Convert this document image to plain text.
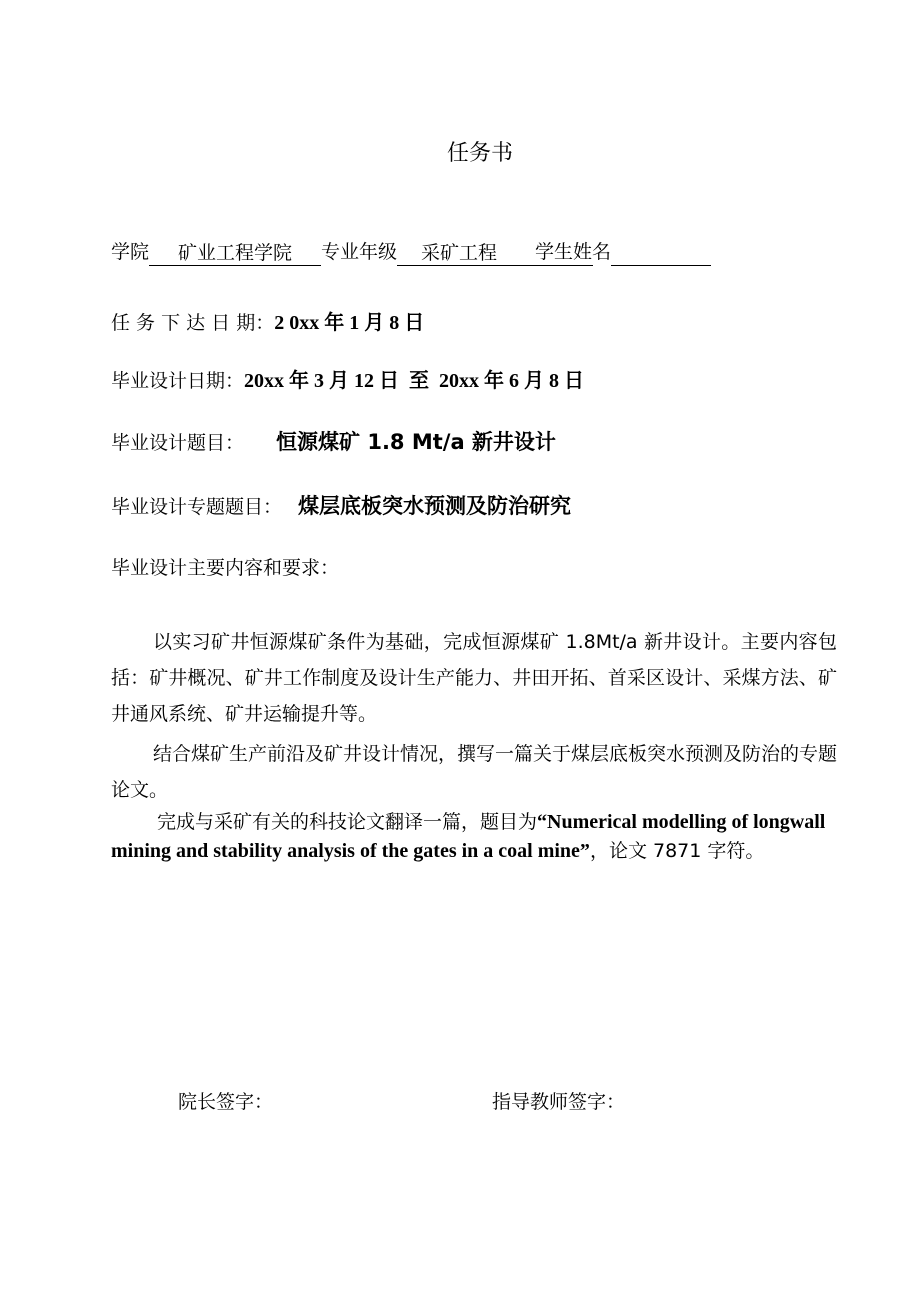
任务书
学院 矿业工程学院 专业年级 采矿工程 学生姓名
任 务 下 达 日 期：2 0xx 年 1 月 8 日
毕业设计日期：20xx 年 3 月 12 日  至  20xx 年 6 月 8 日
毕业设计题目： 恒源煤矿 1.8 Mt/a 新井设计
毕业设计专题题目： 煤层底板突水预测及防治研究
毕业设计主要内容和要求：
以实习矿井恒源煤矿条件为基础，完成恒源煤矿 1.8Mt/a 新井设计。主要内容包括：矿井概况、矿井工作制度及设计生产能力、井田开拓、首采区设计、采煤方法、矿井通风系统、矿井运输提升等。
结合煤矿生产前沿及矿井设计情况，撰写一篇关于煤层底板突水预测及防治的专题论文。
完成与采矿有关的科技论文翻译一篇，题目为“Numerical modelling of longwall mining and stability analysis of the gates in a coal mine”，论文 7871 字符。
院长签字：	指导教师签字：
